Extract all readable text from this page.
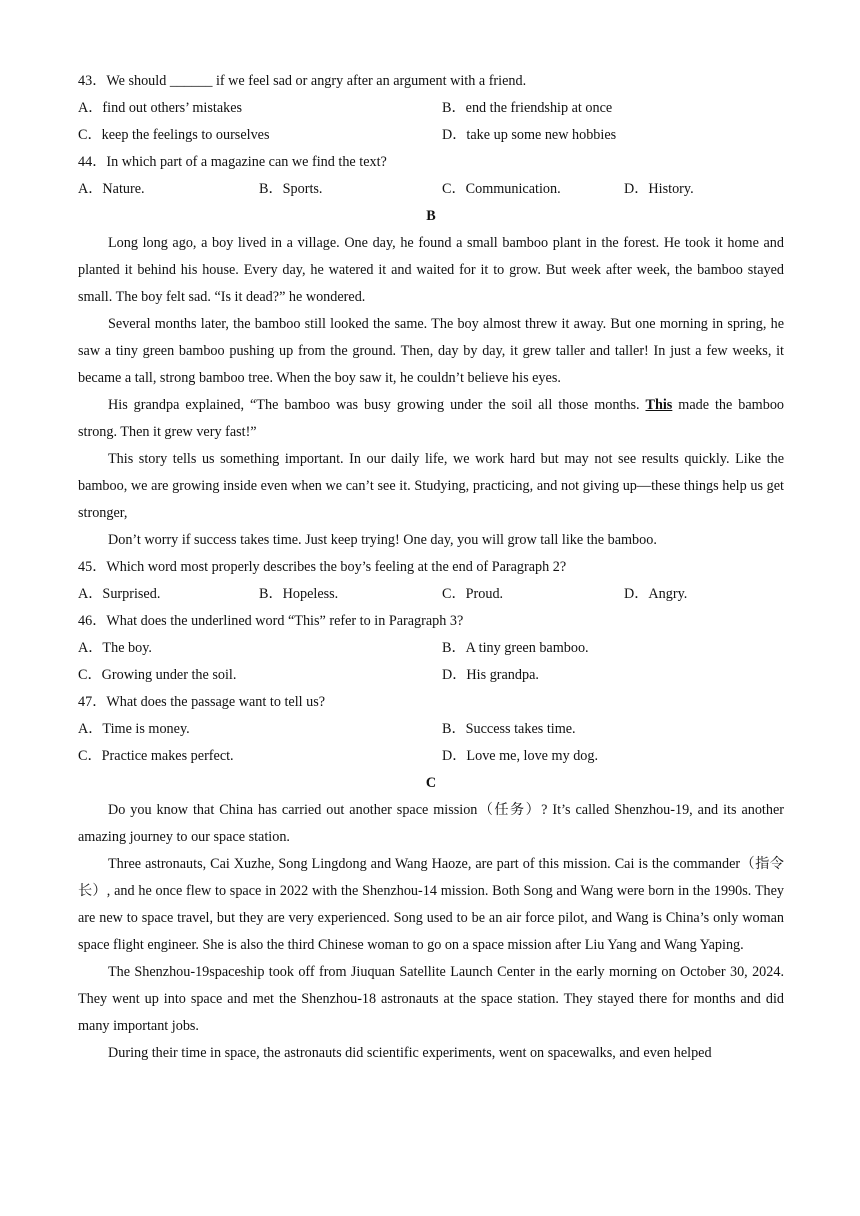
43．We should ______ if we feel sad or angry after an argument with a friend.
A．find out others’ mistakes	B．end the friendship at once
C．keep the feelings to ourselves	D．take up some new hobbies
44．In which part of a magazine can we find the text?
A．Nature.	B．Sports.	C．Communication.	D．History.
B

Long long ago, a boy lived in a village. One day, he found a small bamboo plant in the forest. He took it home and planted it behind his house. Every day, he watered it and waited for it to grow. But week after week, the bamboo stayed small. The boy felt sad. “Is it dead?” he wondered.

Several months later, the bamboo still looked the same. The boy almost threw it away. But one morning in spring, he saw a tiny green bamboo pushing up from the ground. Then, day by day, it grew taller and taller! In just a few weeks, it became a tall, strong bamboo tree. When the boy saw it, he couldn’t believe his eyes.

His grandpa explained, “The bamboo was busy growing under the soil all those months. This made the bamboo strong. Then it grew very fast!”

This story tells us something important. In our daily life, we work hard but may not see results quickly. Like the bamboo, we are growing inside even when we can’t see it. Studying, practicing, and not giving up—these things help us get stronger,

Don’t worry if success takes time. Just keep trying! One day, you will grow tall like the bamboo.

45．Which word most properly describes the boy’s feeling at the end of Paragraph 2?
A．Surprised.	B．Hopeless.	C．Proud.	D．Angry.
46．What does the underlined word “This” refer to in Paragraph 3?
A．The boy.	B．A tiny green bamboo.
C．Growing under the soil.	D．His grandpa.
47．What does the passage want to tell us?
A．Time is money.	B．Success takes time.
C．Practice makes perfect.	D．Love me, love my dog.
C

Do you know that China has carried out another space mission（任务）? It’s called Shenzhou-19, and its another amazing journey to our space station.

Three astronauts, Cai Xuzhe, Song Lingdong and Wang Haoze, are part of this mission. Cai is the commander（指令长）, and he once flew to space in 2022 with the Shenzhou-14 mission. Both Song and Wang were born in the 1990s. They are new to space travel, but they are very experienced. Song used to be an air force pilot, and Wang is China’s only woman space flight engineer. She is also the third Chinese woman to go on a space mission after Liu Yang and Wang Yaping.

The Shenzhou-19spaceship took off from Jiuquan Satellite Launch Center in the early morning on October 30, 2024. They went up into space and met the Shenzhou-18 astronauts at the space station. They stayed there for months and did many important jobs.

During their time in space, the astronauts did scientific experiments, went on spacewalks, and even helped
